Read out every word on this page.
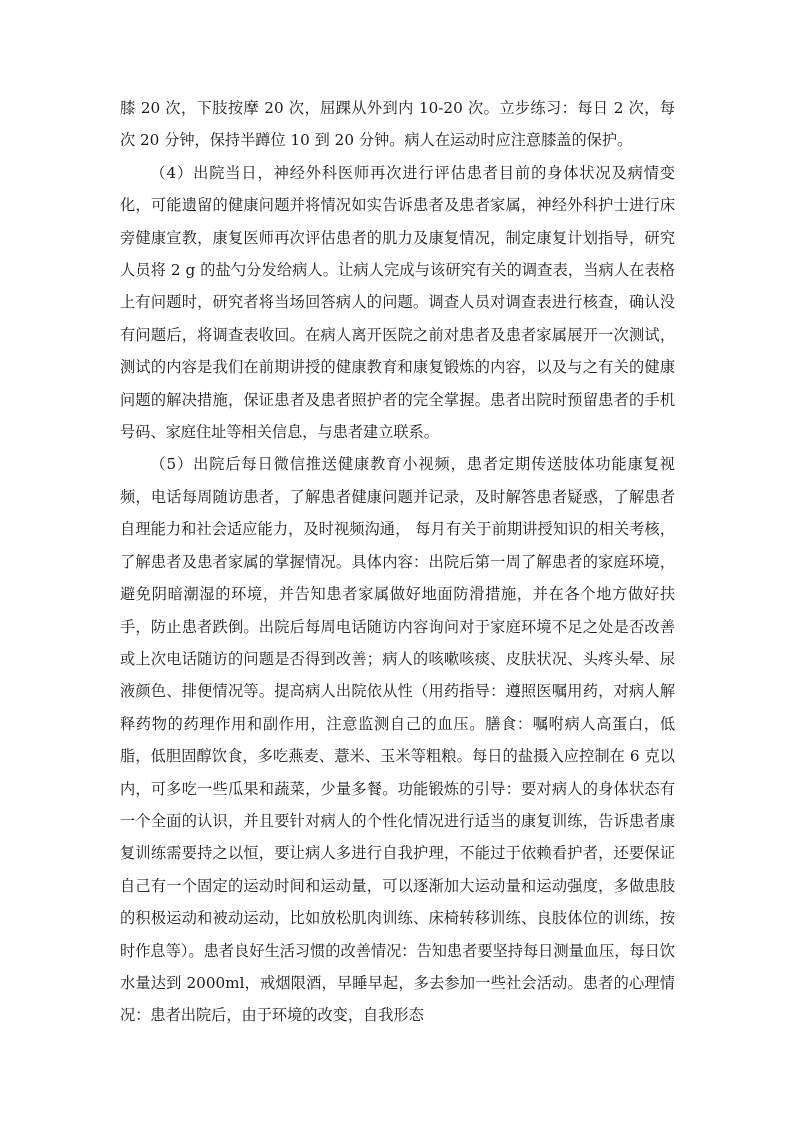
膝 20 次，下肢按摩 20 次，屈踝从外到内 10-20 次。立步练习：每日 2 次，每次 20 分钟，保持半蹲位 10 到 20 分钟。病人在运动时应注意膝盖的保护。

（4）出院当日，神经外科医师再次进行评估患者目前的身体状况及病情变化，可能遗留的健康问题并将情况如实告诉患者及患者家属，神经外科护士进行床旁健康宣教，康复医师再次评估患者的肌力及康复情况，制定康复计划指导，研究人员将 2 g 的盐勺分发给病人。让病人完成与该研究有关的调查表，当病人在表格上有问题时，研究者将当场回答病人的问题。调查人员对调查表进行核查，确认没有问题后，将调查表收回。在病人离开医院之前对患者及患者家属展开一次测试，测试的内容是我们在前期讲授的健康教育和康复锻炼的内容，以及与之有关的健康问题的解决措施，保证患者及患者照护者的完全掌握。患者出院时预留患者的手机号码、家庭住址等相关信息，与患者建立联系。

（5）出院后每日微信推送健康教育小视频，患者定期传送肢体功能康复视频，电话每周随访患者，了解患者健康问题并记录，及时解答患者疑惑，了解患者自理能力和社会适应能力，及时视频沟通， 每月有关于前期讲授知识的相关考核，了解患者及患者家属的掌握情况。具体内容：出院后第一周了解患者的家庭环境，避免阴暗潮湿的环境，并告知患者家属做好地面防滑措施，并在各个地方做好扶手，防止患者跌倒。出院后每周电话随访内容询问对于家庭环境不足之处是否改善或上次电话随访的问题是否得到改善；病人的咳嗽咳痰、皮肤状况、头疼头晕、尿液颜色、排便情况等。提高病人出院依从性（用药指导：遵照医嘱用药，对病人解释药物的药理作用和副作用，注意监测自己的血压。膳食：嘱咐病人高蛋白，低脂，低胆固醇饮食，多吃燕麦、薏米、玉米等粗粮。每日的盐摄入应控制在 6 克以内，可多吃一些瓜果和蔬菜，少量多餐。功能锻炼的引导：要对病人的身体状态有一个全面的认识，并且要针对病人的个性化情况进行适当的康复训练，告诉患者康复训练需要持之以恒，要让病人多进行自我护理，不能过于依赖看护者，还要保证自己有一个固定的运动时间和运动量，可以逐渐加大运动量和运动强度，多做患肢的积极运动和被动运动，比如放松肌肉训练、床椅转移训练、良肢体位的训练，按时作息等）。患者良好生活习惯的改善情况：告知患者要坚持每日测量血压，每日饮水量达到 2000ml，戒烟限酒，早睡早起，多去参加一些社会活动。患者的心理情况：患者出院后，由于环境的改变，自我形态
